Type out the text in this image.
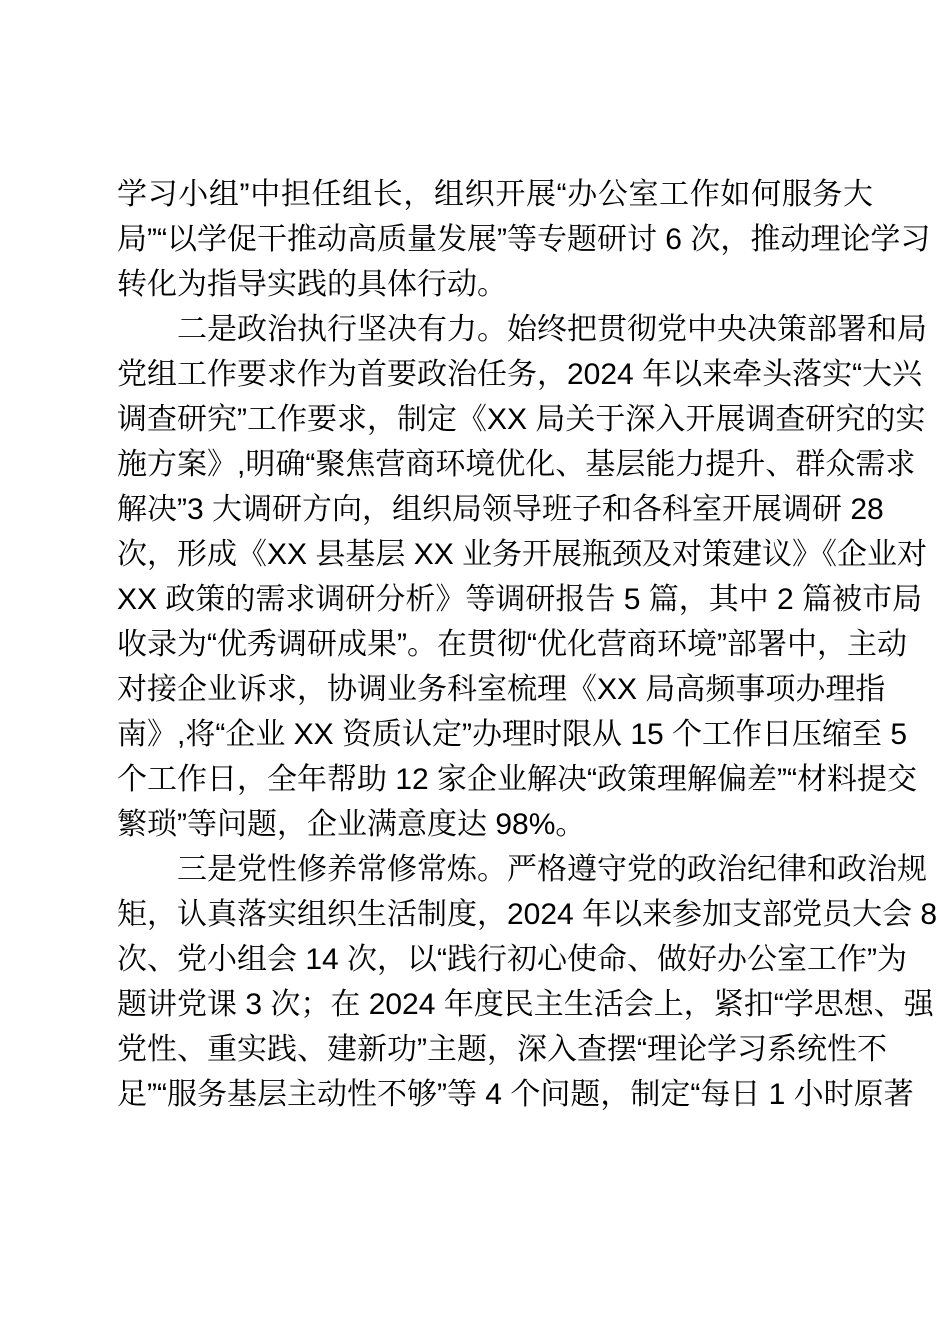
学习小组”中担任组长，组织开展“办公室工作如何服务大
局”“以学促干推动高质量发展”等专题研讨 6 次，推动理论学习
转化为指导实践的具体行动。
二是政治执行坚决有力。始终把贯彻党中央决策部署和局
党组工作要求作为首要政治任务，2024 年以来牵头落实“大兴
调查研究”工作要求，制定《XX 局关于深入开展调查研究的实
施方案》,明确“聚焦营商环境优化、基层能力提升、群众需求
解决”3 大调研方向，组织局领导班子和各科室开展调研 28
次，形成《XX 县基层 XX 业务开展瓶颈及对策建议》《企业对
XX 政策的需求调研分析》等调研报告 5 篇，其中 2 篇被市局
收录为“优秀调研成果”。在贯彻“优化营商环境”部署中，主动
对接企业诉求，协调业务科室梳理《XX 局高频事项办理指
南》,将“企业 XX 资质认定”办理时限从 15 个工作日压缩至 5
个工作日，全年帮助 12 家企业解决“政策理解偏差”“材料提交
繁琐”等问题，企业满意度达 98%。
三是党性修养常修常炼。严格遵守党的政治纪律和政治规
矩，认真落实组织生活制度，2024 年以来参加支部党员大会 8
次、党小组会 14 次，以“践行初心使命、做好办公室工作”为
题讲党课 3 次；在 2024 年度民主生活会上，紧扣“学思想、强
党性、重实践、建新功”主题，深入查摆“理论学习系统性不
足”“服务基层主动性不够”等 4 个问题，制定“每日 1 小时原著
